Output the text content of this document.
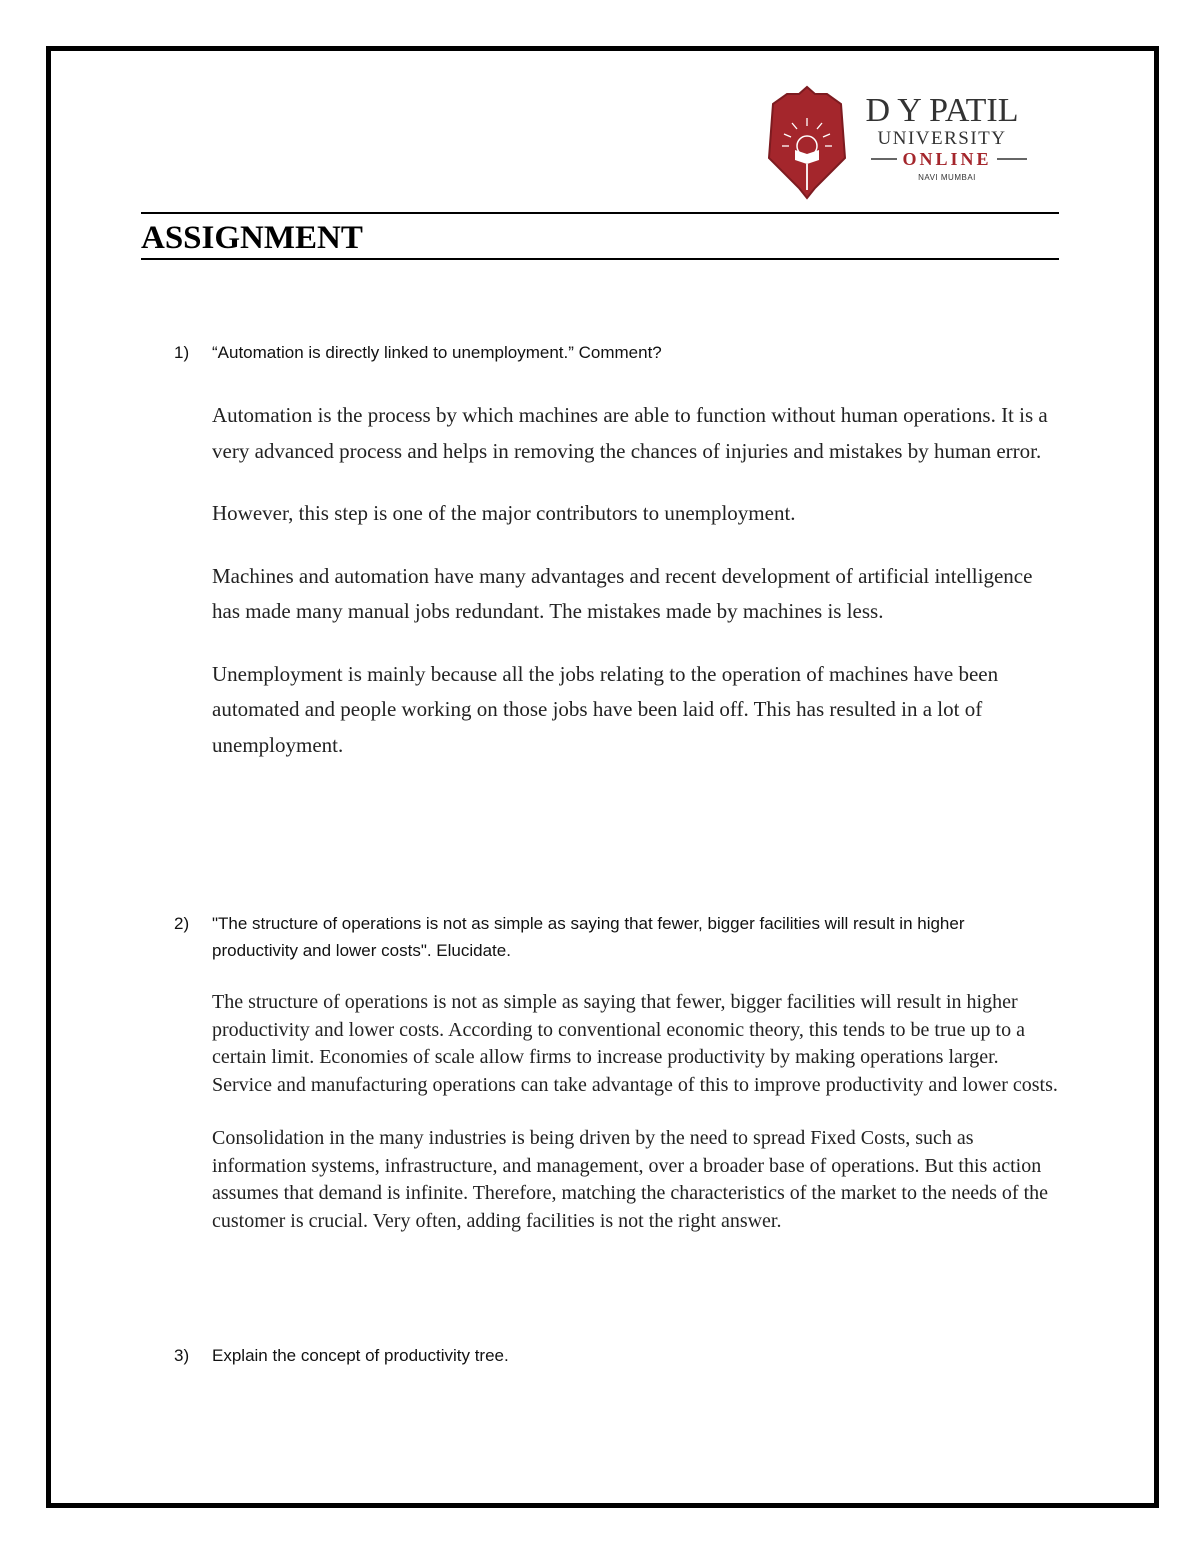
D Y PATIL
UNIVERSITY
ONLINE
NAVI MUMBAI
ASSIGNMENT
1) “Automation is directly linked to unemployment.” Comment?

Automation is the process by which machines are able to function without human operations. It is a very advanced process and helps in removing the chances of injuries and mistakes by human error.

However, this step is one of the major contributors to unemployment.

Machines and automation have many advantages and recent development of artificial intelligence has made many manual jobs redundant. The mistakes made by machines is less.

Unemployment is mainly because all the jobs relating to the operation of machines have been automated and people working on those jobs have been laid off. This has resulted in a lot of unemployment.

2) "The structure of operations is not as simple as saying that fewer, bigger facilities will result in higher productivity and lower costs". Elucidate.

The structure of operations is not as simple as saying that fewer, bigger facilities will result in higher productivity and lower costs. According to conventional economic theory, this tends to be true up to a certain limit. Economies of scale allow firms to increase productivity by making operations larger. Service and manufacturing operations can take advantage of this to improve productivity and lower costs.

Consolidation in the many industries is being driven by the need to spread Fixed Costs, such as information systems, infrastructure, and management, over a broader base of operations. But this action assumes that demand is infinite. Therefore, matching the characteristics of the market to the needs of the customer is crucial. Very often, adding facilities is not the right answer.

3) Explain the concept of productivity tree.
